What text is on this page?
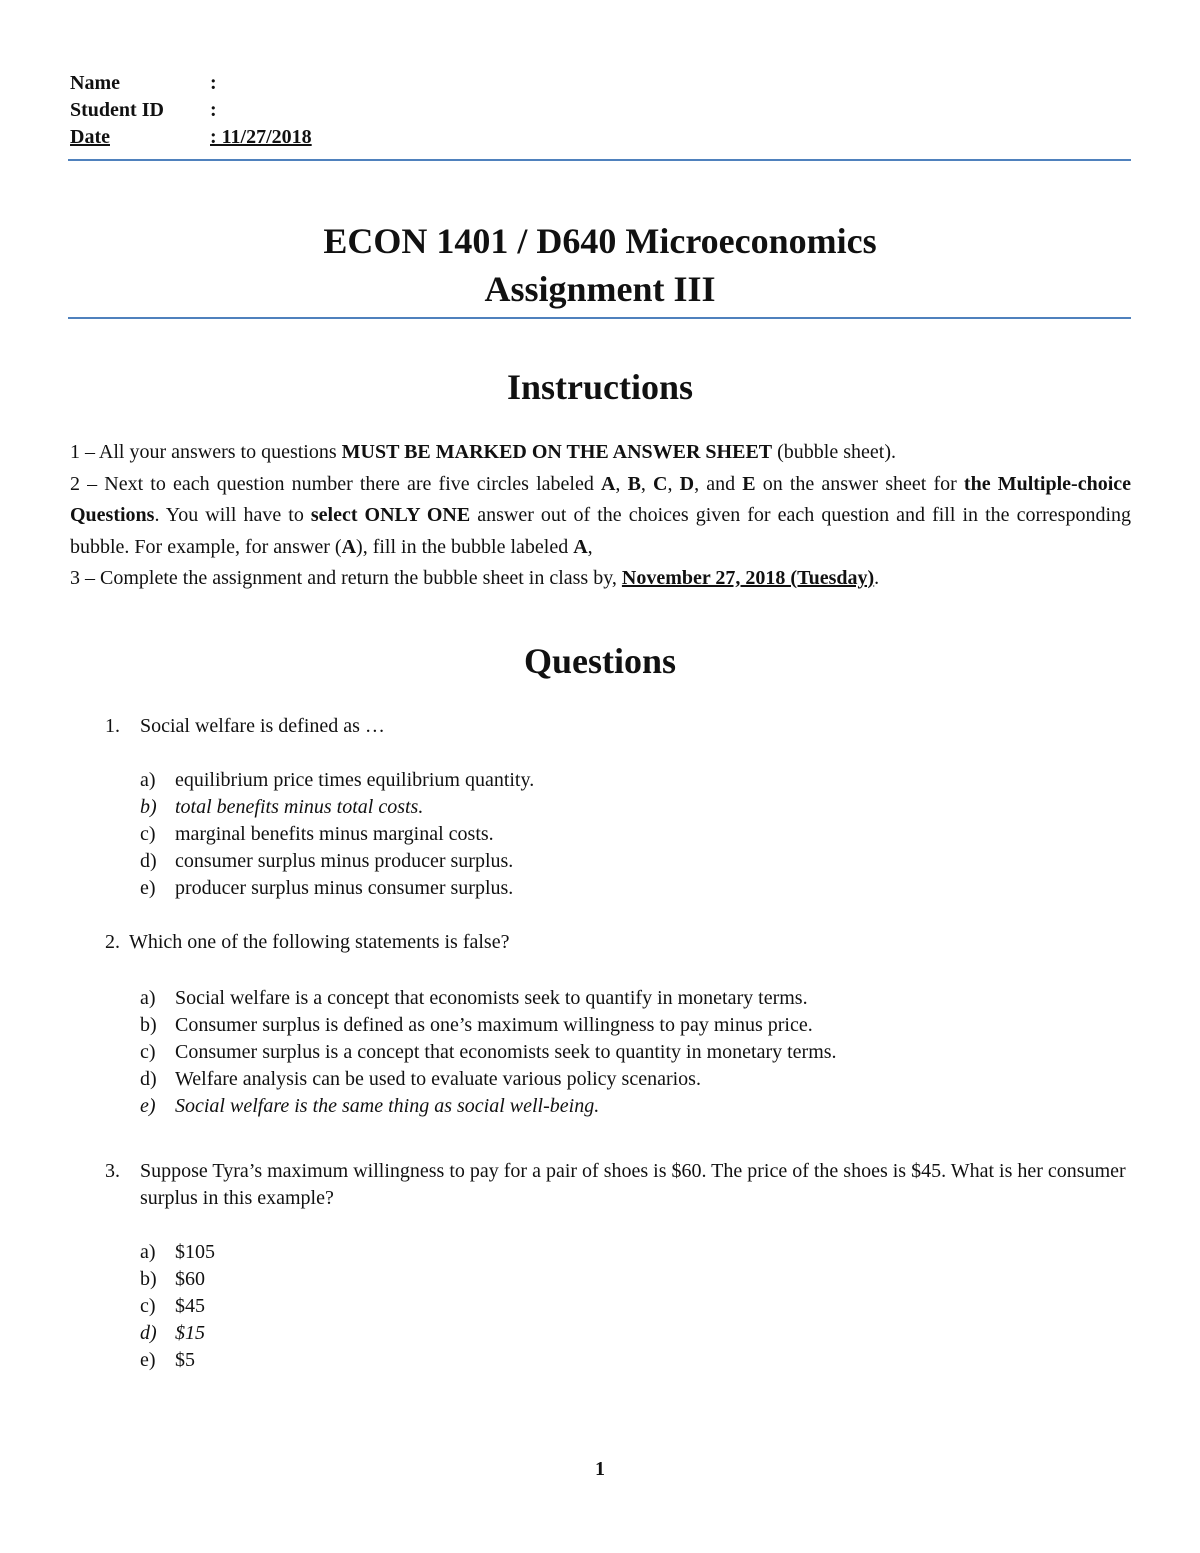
Name	:
Student ID	:
Date	: 11/27/2018
ECON 1401 / D640 Microeconomics
Assignment III
Instructions

1 – All your answers to questions MUST BE MARKED ON THE ANSWER SHEET (bubble sheet).

2 – Next to each question number there are five circles labeled A, B, C, D, and E on the answer sheet for the Multiple-choice Questions. You will have to select ONLY ONE answer out of the choices given for each question and fill in the corresponding bubble. For example, for answer (A), fill in the bubble labeled A,

3 – Complete the assignment and return the bubble sheet in class by, November 27, 2018 (Tuesday).

Questions
1.	Social welfare is defined as …
a) equilibrium price times equilibrium quantity.
b) total benefits minus total costs.
c) marginal benefits minus marginal costs.
d) consumer surplus minus producer surplus.
e) producer surplus minus consumer surplus.
2. Which one of the following statements is false?
a) Social welfare is a concept that economists seek to quantify in monetary terms.
b) Consumer surplus is defined as one’s maximum willingness to pay minus price.
c) Consumer surplus is a concept that economists seek to quantity in monetary terms.
d) Welfare analysis can be used to evaluate various policy scenarios.
e) Social welfare is the same thing as social well-being.
3.	Suppose Tyra’s maximum willingness to pay for a pair of shoes is $60. The price of the shoes is $45. What is her consumer surplus in this example?
a) $105
b) $60
c) $45
d) $15
e) $5
1
